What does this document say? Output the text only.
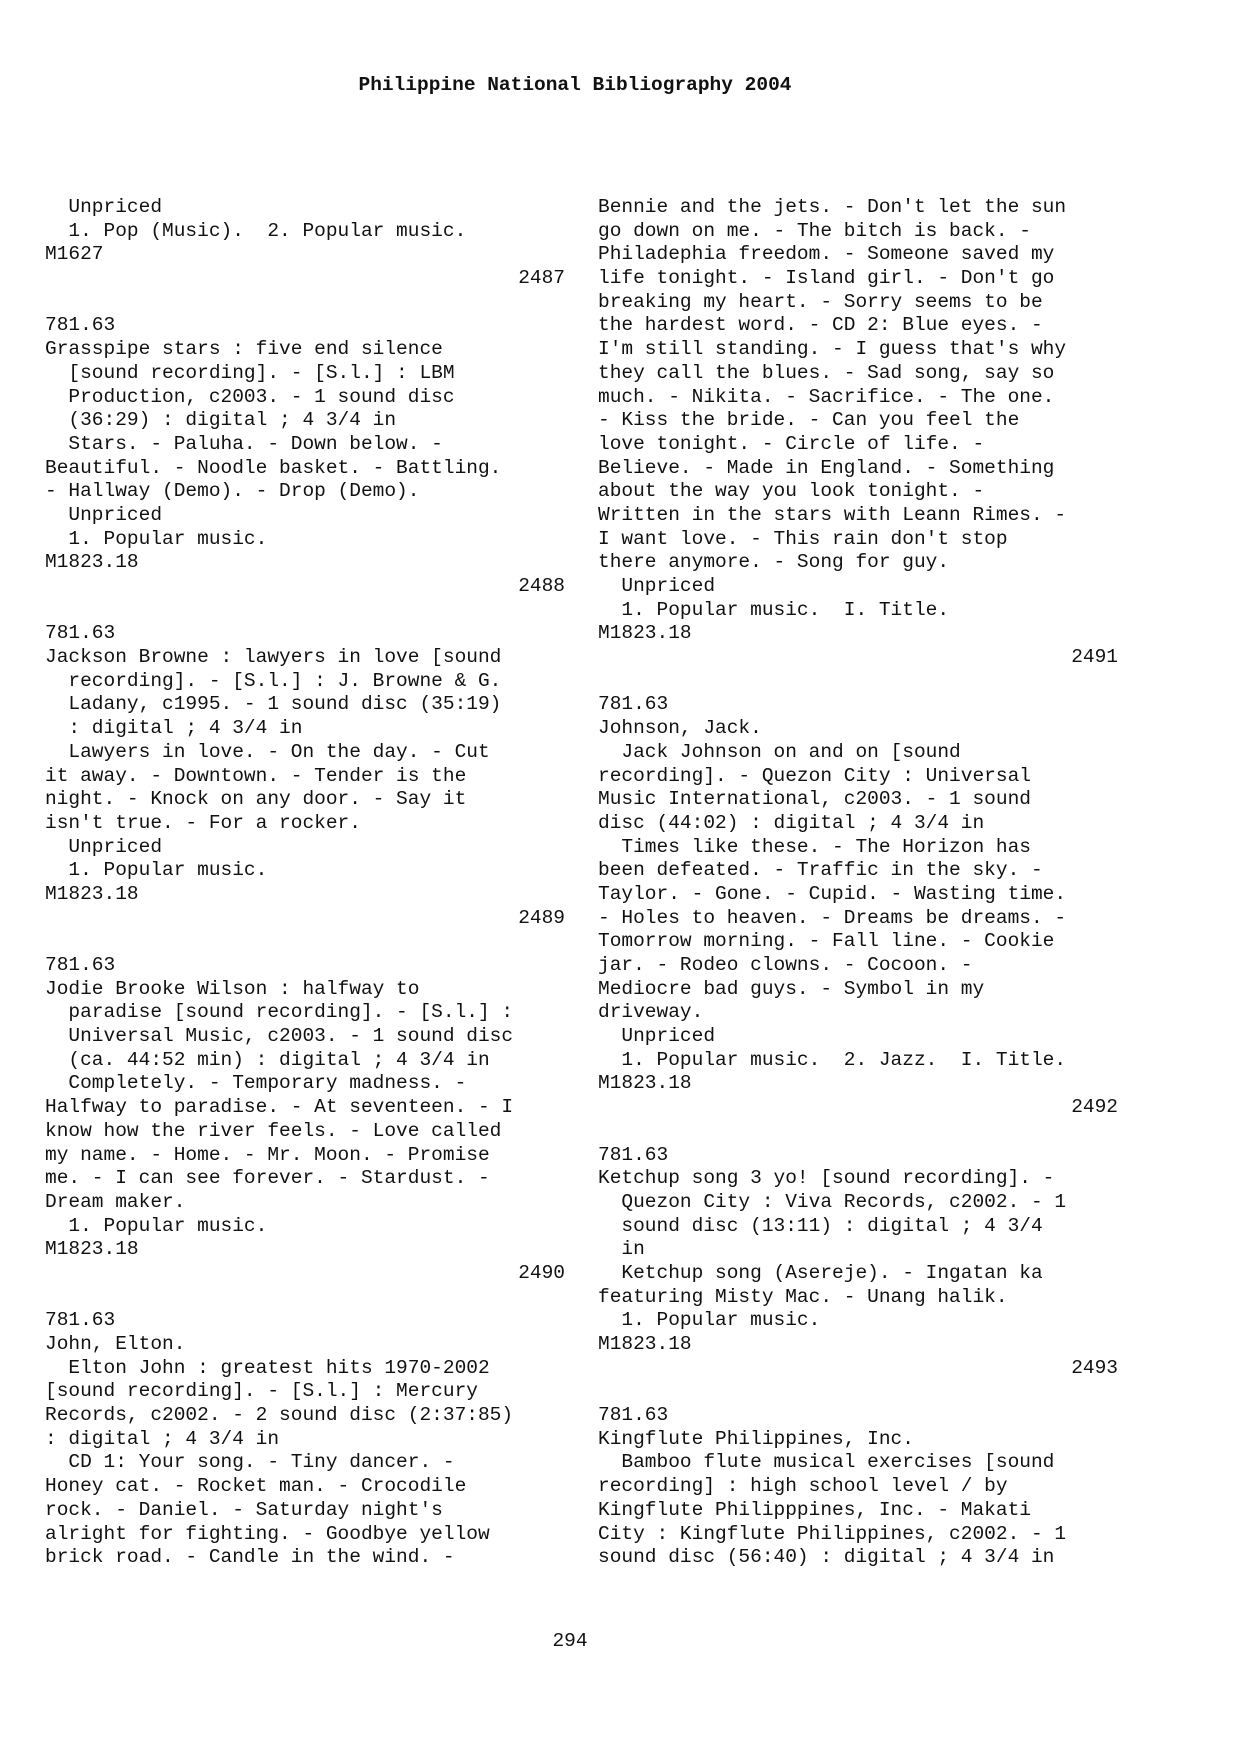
Philippine National Bibliography 2004
Unpriced
1. Pop (Music).  2. Popular music.
M1627
2487
781.63
Grasspipe stars : five end silence
[sound recording]. - [S.l.] : LBM
Production, c2003. - 1 sound disc
(36:29) : digital ; 4 3/4 in
Stars. - Paluha. - Down below. -
Beautiful. - Noodle basket. - Battling.
- Hallway (Demo). - Drop (Demo).
Unpriced
1. Popular music.
M1823.18
2488
781.63
Jackson Browne : lawyers in love [sound
recording]. - [S.l.] : J. Browne & G.
Ladany, c1995. - 1 sound disc (35:19)
: digital ; 4 3/4 in
Lawyers in love. - On the day. - Cut
it away. - Downtown. - Tender is the
night. - Knock on any door. - Say it
isn't true. - For a rocker.
Unpriced
1. Popular music.
M1823.18
2489
781.63
Jodie Brooke Wilson : halfway to
paradise [sound recording]. - [S.l.] :
Universal Music, c2003. - 1 sound disc
(ca. 44:52 min) : digital ; 4 3/4 in
Completely. - Temporary madness. -
Halfway to paradise. - At seventeen. - I
know how the river feels. - Love called
my name. - Home. - Mr. Moon. - Promise
me. - I can see forever. - Stardust. -
Dream maker.
1. Popular music.
M1823.18
2490
781.63
John, Elton.
Elton John : greatest hits 1970-2002
[sound recording]. - [S.l.] : Mercury
Records, c2002. - 2 sound disc (2:37:85)
: digital ; 4 3/4 in
CD 1: Your song. - Tiny dancer. -
Honey cat. - Rocket man. - Crocodile
rock. - Daniel. - Saturday night's
alright for fighting. - Goodbye yellow
brick road. - Candle in the wind. -
Bennie and the jets. - Don't let the sun
go down on me. - The bitch is back. -
Philadephia freedom. - Someone saved my
life tonight. - Island girl. - Don't go
breaking my heart. - Sorry seems to be
the hardest word. - CD 2: Blue eyes. -
I'm still standing. - I guess that's why
they call the blues. - Sad song, say so
much. - Nikita. - Sacrifice. - The one.
- Kiss the bride. - Can you feel the
love tonight. - Circle of life. -
Believe. - Made in England. - Something
about the way you look tonight. -
Written in the stars with Leann Rimes. -
I want love. - This rain don't stop
there anymore. - Song for guy.
Unpriced
1. Popular music.  I. Title.
M1823.18
2491
781.63
Johnson, Jack.
Jack Johnson on and on [sound
recording]. - Quezon City : Universal
Music International, c2003. - 1 sound
disc (44:02) : digital ; 4 3/4 in
Times like these. - The Horizon has
been defeated. - Traffic in the sky. -
Taylor. - Gone. - Cupid. - Wasting time.
- Holes to heaven. - Dreams be dreams. -
Tomorrow morning. - Fall line. - Cookie
jar. - Rodeo clowns. - Cocoon. -
Mediocre bad guys. - Symbol in my
driveway.
Unpriced
1. Popular music.  2. Jazz.  I. Title.
M1823.18
2492
781.63
Ketchup song 3 yo! [sound recording]. -
Quezon City : Viva Records, c2002. - 1
sound disc (13:11) : digital ; 4 3/4
in
Ketchup song (Asereje). - Ingatan ka
featuring Misty Mac. - Unang halik.
1. Popular music.
M1823.18
2493
781.63
Kingflute Philippines, Inc.
Bamboo flute musical exercises [sound
recording] : high school level / by
Kingflute Philipppines, Inc. - Makati
City : Kingflute Philippines, c2002. - 1
sound disc (56:40) : digital ; 4 3/4 in
294
